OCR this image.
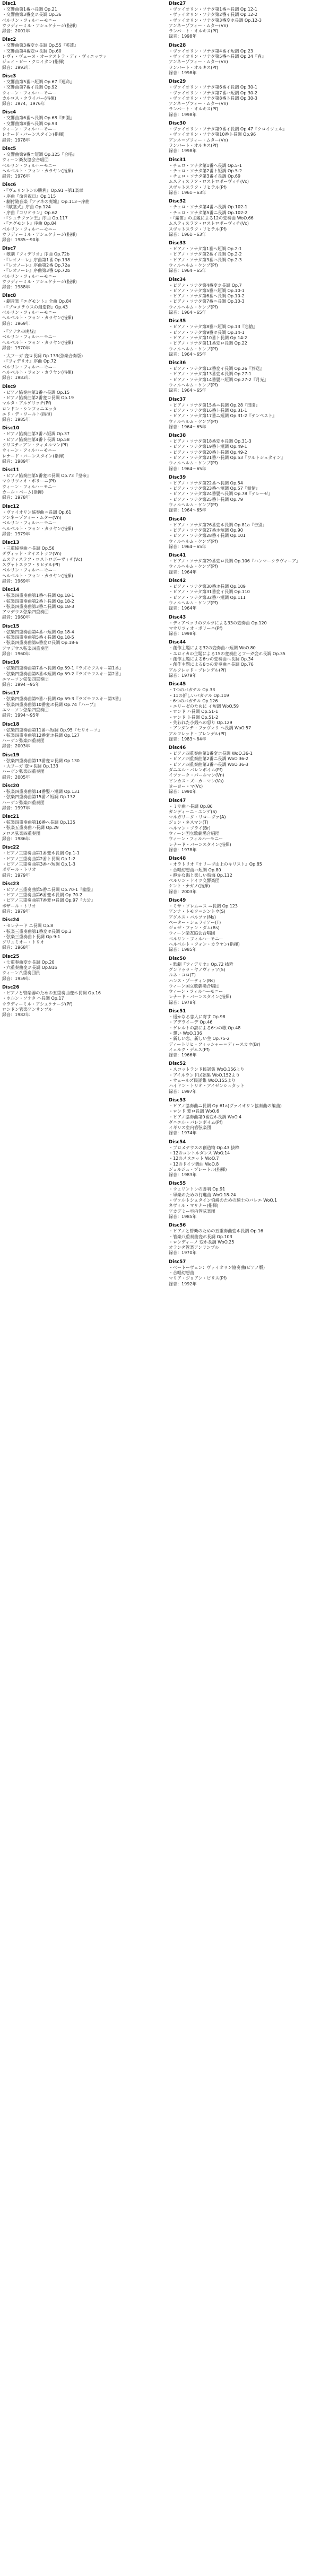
Disc1
・交響曲第1番ハ長調 Op.21
・交響曲第3番変ホ長調 Op.36
ベルリン・フィルハーモニー
ウラディーミル・アシュケナージ(指揮)
録音：2001年
Disc2
・交響曲第3番変ホ長調 Op.55『英雄』
・交響曲第4番変ロ長調 Op.60
レヴィ・ヴェーヌ・オーケストラ・ディ・ヴィエッツァ
ジェイ・ビー・クロイタン(指揮)
録音：1993年
Disc3
・交響曲第5番ハ短調 Op.67『運命』
・交響曲第7番イ長調 Op.92
ウィーン・フィルハーモニー
カルロス・クライバー(指揮)
録音：1974、1976年
Disc4
・交響曲第6番ヘ長調 Op.68『田園』
・交響曲第8番ヘ長調 Op.93
ウィーン・フィルハーモニー
レナード・バーンスタイン(指揮)
録音：1978年
Disc5
・交響曲第9番ニ短調 Op.125『合唱』
ウィーン楽友協会合唱団
ベルリン・フィルハーモニー
ヘルベルト・フォン・カラヤン(指揮)
録音：1976年
Disc6
・『ヴェリントンの勝利』Op.91〜第1楽章
・序曲『命名祝日』Op.115
・劇付随音楽『アテネの廃墟』Op.113〜序曲
・『献堂式』序曲 Op.124
・序曲『コリオラン』Op.62
・『シュテファン王』序曲 Op.117
・『エグモント』序曲 Op.84
ベルリン・フィルハーモニー
ウラディーミル・アシュケナージ(指揮)
録音：1985〜90年
Disc7
・歌劇『フィデリオ』序曲 Op.72b
・『レオノーレ』序曲第1番 Op.138
・『レオノーレ』序曲第2番 Op.72a
・『レオノーレ』序曲第3番 Op.72b
ベルリン・フィルハーモニー
ウラディーミル・アシュケナージ(指揮)
録音：1988年
Disc8
・劇音楽『エグモント』全曲 Op.84
・『プロメテウスの創造物』Op.43
ベルリン・フィルハーモニー
ヘルベルト・フォン・カラヤン(指揮)
録音：1969年
・『アテネの廃墟』
ベルリン・フィルハーモニー
ヘルベルト・フォン・カラヤン(指揮)
録音：1970年
・大フーガ 変ロ長調 Op.133(弦楽合奏版)
・『フィデリオ』序曲 Op.72
ベルリン・フィルハーモニー
ヘルベルト・フォン・カラヤン(指揮)
録音：1983年
Disc9
・ピアノ協奏曲第1番ハ長調 Op.15
・ピアノ協奏曲第2番変ロ長調 Op.19
マルタ・アルゲリッチ(Pf)
ロンドン・シンフォニエッタ
エド・デ・ワールト(指揮)
録音：1985年
Disc10
・ピアノ協奏曲第3番ハ短調 Op.37
・ピアノ協奏曲第4番ト長調 Op.58
クリスティアン・ツィメルマン(Pf)
ウィーン・フィルハーモニー
レナード・バーンスタイン(指揮)
録音：1989年
Disc11
・ピアノ協奏曲第5番変ホ長調 Op.73『皇帝』
マウリツィオ・ポリーニ(Pf)
ウィーン・フィルハーモニー
カール・ベーム(指揮)
録音：1978年
Disc12
・ヴァイオリン協奏曲ニ長調 Op.61
アンネ＝ゾフィー・ムター(Vn)
ベルリン・フィルハーモニー
ヘルベルト・フォン・カラヤン(指揮)
録音：1979年
Disc13
・三重協奏曲ハ長調 Op.56
ダヴィッド・オイストラフ(Vn)
ムスティスラフ・ロストロポーヴィチ(Vc)
スヴャトスラフ・リヒテル(Pf)
ベルリン・フィルハーモニー
ヘルベルト・フォン・カラヤン(指揮)
録音：1969年
Disc14
・弦楽四重奏曲第1番ヘ長調 Op.18-1
・弦楽四重奏曲第2番ト長調 Op.18-2
・弦楽四重奏曲第3番ニ長調 Op.18-3
アマデウス弦楽四重奏団
録音：1960年
Disc15
・弦楽四重奏曲第4番ハ短調 Op.18-4
・弦楽四重奏曲第5番イ長調 Op.18-5
・弦楽四重奏曲第6番変ロ長調 Op.18-6
アマデウス弦楽四重奏団
録音：1960年
Disc16
・弦楽四重奏曲第7番ヘ長調 Op.59-1『ラズモフスキー第1番』
・弦楽四重奏曲第8番ホ短調 Op.59-2『ラズモフスキー第2番』
エマーソン弦楽四重奏団
録音：1994〜95年
Disc17
・弦楽四重奏曲第9番ハ長調 Op.59-3『ラズモフスキー第3番』
・弦楽四重奏曲第10番変ホ長調 Op.74『ハープ』
エマーソン弦楽四重奏団
録音：1994〜95年
Disc18
・弦楽四重奏曲第11番ヘ短調 Op.95『セリオーソ』
・弦楽四重奏曲第12番変ホ長調 Op.127
ハーゲン弦楽四重奏団
録音：2003年
Disc19
・弦楽四重奏曲第13番変ロ長調 Op.130
・大フーガ 変ロ長調 Op.133
ハーゲン弦楽四重奏団
録音：2005年
Disc20
・弦楽四重奏曲第14番嬰ハ短調 Op.131
・弦楽四重奏曲第15番イ短調 Op.132
ハーゲン弦楽四重奏団
録音：1997年
Disc21
・弦楽四重奏曲第16番ヘ長調 Op.135
・弦楽五重奏曲ハ長調 Op.29
メロス弦楽四重奏団
録音：1986年
Disc22
・ピアノ三重奏曲第1番変ホ長調 Op.1-1
・ピアノ三重奏曲第2番ト長調 Op.1-2
・ピアノ三重奏曲第3番ハ短調 Op.1-3
ボザール・トリオ
録音：1979年
Disc23
・ピアノ三重奏曲第5番ニ長調 Op.70-1『幽霊』
・ピアノ三重奏曲第6番変ホ長調 Op.70-2
・ピアノ三重奏曲第7番変ロ長調 Op.97『大公』
ボザール・トリオ
録音：1979年
Disc24
・セレナード ニ長調 Op.8
・弦楽三重奏曲第1番変ホ長調 Op.3
・弦楽三重奏曲ト長調 Op.9-1
グリュミオー・トリオ
録音：1968年
Disc25
・七重奏曲変ホ長調 Op.20
・六重奏曲変ホ長調 Op.81b
ウィーン八重奏団員
録音：1959年
Disc26
・ピアノと管楽器のための五重奏曲変ホ長調 Op.16
・ホルン・ソナタ ヘ長調 Op.17
ウラディーミル・アシュケナージ(Pf)
ロンドン管楽アンサンブル
録音：1982年
Disc27
・ヴァイオリン・ソナタ第1番ニ長調 Op.12-1
・ヴァイオリン・ソナタ第2番イ長調 Op.12-2
・ヴァイオリン・ソナタ第3番変ホ長調 Op.12-3
アンネ＝ゾフィー・ムター(Vn)
ランバート・オルキス(Pf)
録音：1998年
Disc28
・ヴァイオリン・ソナタ第4番イ短調 Op.23
・ヴァイオリン・ソナタ第5番ヘ長調 Op.24『春』
アンネ＝ゾフィー・ムター(Vn)
ランバート・オルキス(Pf)
録音：1998年
Disc29
・ヴァイオリン・ソナタ第6番イ長調 Op.30-1
・ヴァイオリン・ソナタ第7番ハ短調 Op.30-2
・ヴァイオリン・ソナタ第8番ト長調 Op.30-3
アンネ＝ゾフィー・ムター(Vn)
ランバート・オルキス(Pf)
録音：1998年
Disc30
・ヴァイオリン・ソナタ第9番イ長調 Op.47『クロイツェル』
・ヴァイオリン・ソナタ第10番ト長調 Op.96
アンネ＝ゾフィー・ムター(Vn)
ランバート・オルキス(Pf)
録音：1998年
Disc31
・チェロ・ソナタ第1番ヘ長調 Op.5-1
・チェロ・ソナタ第2番ト短調 Op.5-2
・チェロ・ソナタ第3番イ長調 Op.69
ムスティスラフ・ロストロポーヴィチ(Vc)
スヴャトスラフ・リヒテル(Pf)
録音：1961〜63年
Disc32
・チェロ・ソナタ第4番ハ長調 Op.102-1
・チェロ・ソナタ第5番ニ長調 Op.102-2
・『魔笛』の主題による12の変奏曲 WoO.66
ムスティスラフ・ロストロポーヴィチ(Vc)
スヴャトスラフ・リヒテル(Pf)
録音：1961〜63年
Disc33
・ピアノ・ソナタ第1番ヘ短調 Op.2-1
・ピアノ・ソナタ第2番イ長調 Op.2-2
・ピアノ・ソナタ第3番ハ長調 Op.2-3
ウィルヘルム・ケンプ(Pf)
録音：1964〜65年
Disc34
・ピアノ・ソナタ第4番変ホ長調 Op.7
・ピアノ・ソナタ第5番ハ短調 Op.10-1
・ピアノ・ソナタ第6番ヘ長調 Op.10-2
・ピアノ・ソナタ第7番ニ長調 Op.10-3
ウィルヘルム・ケンプ(Pf)
録音：1964〜65年
Disc35
・ピアノ・ソナタ第8番ハ短調 Op.13『悲愴』
・ピアノ・ソナタ第9番ホ長調 Op.14-1
・ピアノ・ソナタ第10番ト長調 Op.14-2
・ピアノ・ソナタ第11番変ロ長調 Op.22
ウィルヘルム・ケンプ(Pf)
録音：1964〜65年
Disc36
・ピアノ・ソナタ第12番変イ長調 Op.26『葬送』
・ピアノ・ソナタ第13番変ホ長調 Op.27-1
・ピアノ・ソナタ第14番嬰ハ短調 Op.27-2『月光』
ウィルヘルム・ケンプ(Pf)
録音：1964〜65年
Disc37
・ピアノ・ソナタ第15番ニ長調 Op.28『田園』
・ピアノ・ソナタ第16番ト長調 Op.31-1
・ピアノ・ソナタ第17番ニ短調 Op.31-2『テンペスト』
ウィルヘルム・ケンプ(Pf)
録音：1964〜65年
Disc38
・ピアノ・ソナタ第18番変ホ長調 Op.31-3
・ピアノ・ソナタ第19番ト短調 Op.49-1
・ピアノ・ソナタ第20番ト長調 Op.49-2
・ピアノ・ソナタ第21番ハ長調 Op.53『ワルトシュタイン』
ウィルヘルム・ケンプ(Pf)
録音：1964〜65年
Disc39
・ピアノ・ソナタ第22番ヘ長調 Op.54
・ピアノ・ソナタ第23番ヘ短調 Op.57『熱情』
・ピアノ・ソナタ第24番嬰ヘ長調 Op.78『テレーゼ』
・ピアノ・ソナタ第25番ト長調 Op.79
ウィルヘルム・ケンプ(Pf)
録音：1964〜65年
Disc40
・ピアノ・ソナタ第26番変ホ長調 Op.81a『告別』
・ピアノ・ソナタ第27番ホ短調 Op.90
・ピアノ・ソナタ第28番イ長調 Op.101
ウィルヘルム・ケンプ(Pf)
録音：1964〜65年
Disc41
・ピアノ・ソナタ第29番変ロ長調 Op.106『ハンマークラヴィーア』
ウィルヘルム・ケンプ(Pf)
録音：1964年
Disc42
・ピアノ・ソナタ第30番ホ長調 Op.109
・ピアノ・ソナタ第31番変イ長調 Op.110
・ピアノ・ソナタ第32番ハ短調 Op.111
ウィルヘルム・ケンプ(Pf)
録音：1964年
Disc43
・ディアベッリのワルツによる33の変奏曲 Op.120
マウリツィオ・ポリーニ(Pf)
録音：1998年
Disc44
・創作主題による32の変奏曲ハ短調 WoO.80
・エロイカの主題による15の変奏曲とフーガ変ホ長調 Op.35
・創作主題による6つの変奏曲ヘ長調 Op.34
・創作主題による6つの変奏曲ニ長調 Op.76
アルフレッド・ブレンデル(Pf)
録音：1979年
Disc45
・7つのバガテル Op.33
・11の新しいバガテル Op.119
・6つのバガテル Op.126
・エリーゼのために イ短調 WoO.59
・ロンド ハ長調 Op.51-1
・ロンド ト長調 Op.51-2
・失われた小銭への怒り Op.129
・アンダンテ・ファヴォリ ヘ長調 WoO.57
アルフレッド・ブレンデル(Pf)
録音：1983〜84年
Disc46
・ピアノ四重奏曲第1番変ホ長調 WoO.36-1
・ピアノ四重奏曲第2番ニ長調 WoO.36-2
・ピアノ四重奏曲第3番ハ長調 WoO.36-3
ダニエル・バレンボイム(Pf)
イツァーク・パールマン(Vn)
ピンカス・ズーカーマン(Va)
ヨーヨー・マ(Vc)
録音：1990年
Disc47
・ミサ曲ハ長調 Op.86
ガンディーニ・ユンゲ(S)
マルガリータ・リローヴァ(A)
ジョン・ネスマン(T)
ヘルマン・プライ(Br)
ウィーン国立歌劇場合唱団
ウィーン・フィルハーモニー
レナード・バーンスタイン(指揮)
録音：1978年
Disc48
・オラトリオ『オリーヴ山上のキリスト』Op.85
・合唱幻想曲ハ短調 Op.80
・静かな海と楽しい航海 Op.112
ベルリン・ドイツ交響楽団
ケント・ナガノ(指揮)
録音：2003年
Disc49
・ミサ・ソレムニス ニ長調 Op.123
アンナ・トモワ＝シントウ(S)
アグネス・バルツァ(Ms)
ペーター・シュライアー(T)
ジョゼ・ファン・ダム(Bs)
ウィーン楽友協会合唱団
ベルリン・フィルハーモニー
ヘルベルト・フォン・カラヤン(指揮)
録音：1985年
Disc50
・歌劇『フィデリオ』Op.72 抜粋
グンドゥラ・ヤノヴィッツ(S)
ルネ・コロ(T)
ハンス・ゾーティン(Bs)
ウィーン国立歌劇場合唱団
ウィーン・フィルハーモニー
レナード・バーンスタイン(指揮)
録音：1978年
Disc51
・遥かなる恋人に寄す Op.98
・アデライーデ Op.46
・ゲレルトの詩による6つの歌 Op.48
・想い WoO.136
・新しい恋、新しい生 Op.75-2
ディートリヒ・フィッシャー＝ディースカウ(Br)
イェルク・デムス(Pf)
録音：1966年
Disc52
・スコットランド民謡集 WoO.156より
・アイルランド民謡集 WoO.152より
・ウェールズ民謡集 WoO.155より
ハイドン・トリオ・アイゼンシュタット
録音：1997年
Disc53
・ピアノ協奏曲ニ長調 Op.61a(ヴァイオリン協奏曲の編曲)
・ロンド 変ロ長調 WoO.6
・ピアノ協奏曲第0番変ホ長調 WoO.4
ダニエル・バレンボイム(Pf)
イギリス室内管弦楽団
録音：1974年
Disc54
・プロメテウスの創造物 Op.43 抜粋
・12のコントルダンス WoO.14
・12のメヌエット WoO.7
・12のドイツ舞曲 WoO.8
ジョルジュ・プレートル(指揮)
録音：1983年
Disc55
・ウェリントンの勝利 Op.91
・軍楽のための行進曲 WoO.18-24
・ヴァルトシュタイン伯爵のための騎士のバレエ WoO.1
ネヴィル・マリナー(指揮)
アカデミー室内管弦楽団
録音：1985年
Disc56
・ピアノと管楽のための五重奏曲変ホ長調 Op.16
・管楽八重奏曲変ホ長調 Op.103
・ロンディーノ 変ホ長調 WoO.25
オランダ管楽アンサンブル
録音：1970年
Disc57
・ベートーヴェン：ヴァイオリン協奏曲(ピアノ版)
・合唱幻想曲
マリア・ジョアン・ピリス(Pf)
録音：1992年
